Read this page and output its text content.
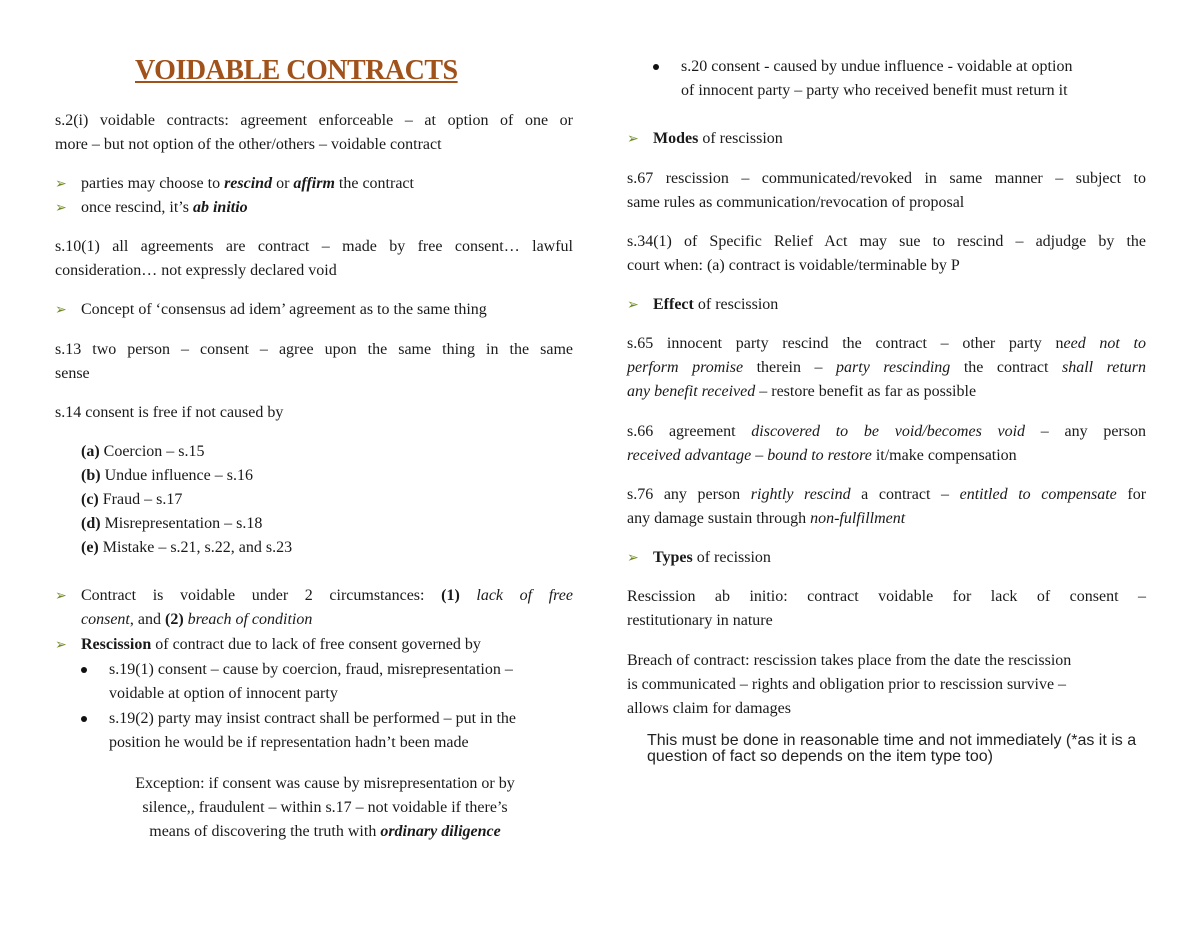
VOIDABLE CONTRACTS
s.2(i) voidable contracts: agreement enforceable – at option of one or
more – but not option of the other/others – voidable contract
➢ parties may choose to rescind or affirm the contract
➢ once rescind, it’s ab initio
s.10(1) all agreements are contract – made by free consent… lawful
consideration… not expressly declared void
➢ Concept of ‘consensus ad idem’ agreement as to the same thing
s.13 two person – consent – agree upon the same thing in the same
sense
s.14 consent is free if not caused by
(a) Coercion – s.15
(b) Undue influence – s.16
(c) Fraud – s.17
(d) Misrepresentation – s.18
(e) Mistake – s.21, s.22, and s.23
➢ Contract is voidable under 2 circumstances: (1) lack of free
consent, and (2) breach of condition
➢ Rescission of contract due to lack of free consent governed by
s.19(1) consent – cause by coercion, fraud, misrepresentation –
voidable at option of innocent party
s.19(2) party may insist contract shall be performed – put in the
position he would be if representation hadn’t been made
Exception: if consent was cause by misrepresentation or by
silence,, fraudulent – within s.17 – not voidable if there’s
means of discovering the truth with ordinary diligence
s.20 consent - caused by undue influence - voidable at option
of innocent party – party who received benefit must return it
➢ Modes of rescission
s.67 rescission – communicated/revoked in same manner – subject to
same rules as communication/revocation of proposal
s.34(1) of Specific Relief Act may sue to rescind – adjudge by the
court when: (a) contract is voidable/terminable by P
➢ Effect of rescission
s.65 innocent party rescind the contract – other party need not to
perform promise therein – party rescinding the contract shall return
any benefit received – restore benefit as far as possible
s.66 agreement discovered to be void/becomes void – any person
received advantage – bound to restore it/make compensation
s.76 any person rightly rescind a contract – entitled to compensate for
any damage sustain through non-fulfillment
➢ Types of recission
Rescission ab initio: contract voidable for lack of consent –
restitutionary in nature
Breach of contract: rescission takes place from the date the rescission
is communicated – rights and obligation prior to rescission survive –
allows claim for damages
This must be done in reasonable time and not immediately (*as it is a question of fact so depends on the item type too)
